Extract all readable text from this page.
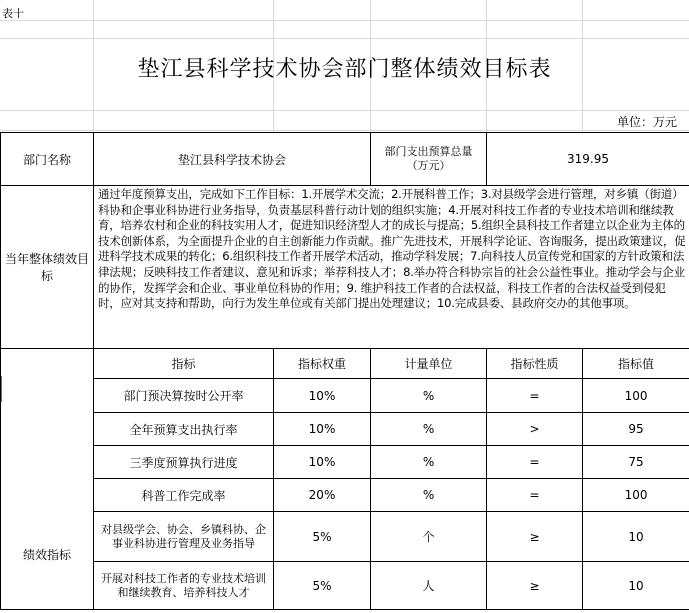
表十
垫江县科学技术协会部门整体绩效目标表
单位：万元
部门名称	垫江县科学技术协会		部门支出预算总量（万元）	319.95	
当年整体绩效目标	通过年度预算支出，完成如下工作目标：1.开展学术交流；2.开展科普工作；3.对县级学会进行管理，对乡镇（街道）科协和企事业科协进行业务指导，负责基层科普行动计划的组织实施；4.开展对科技工作者的专业技术培训和继续教育，培养农村和企业的科技实用人才，促进知识经济型人才的成长与提高；5.组织全县科技工作者建立以企业为主体的技术创新体系，为全面提升企业的自主创新能力作贡献。推广先进技术，开展科学论证、咨询服务，提出政策建议，促进科学技术成果的转化；6.组织科技工作者开展学术活动，推动学科发展；7.向科技人员宣传党和国家的方针政策和法律法规；反映科技工作者建议、意见和诉求；举荐科技人才；8.举办符合科协宗旨的社会公益性事业。推动学会与企业的协作，发挥学会和企业、事业单位科协的作用；9. 维护科技工作者的合法权益，科技工作者的合法权益受到侵犯时，应对其支持和帮助，向行为发生单位或有关部门提出处理建议；10.完成县委、县政府交办的其他事项。				
绩效指标	指标	指标权重	计量单位	指标性质	指标值
	部门预决算按时公开率	10%	%	=	100
	全年预算支出执行率	10%	%	>	95
	三季度预算执行进度	10%	%	=	75
	科普工作完成率	20%	%	=	100
	对县级学会、协会、乡镇科协、企事业科协进行管理及业务指导	5%	个	≥	10
	开展对科技工作者的专业技术培训和继续教育、培养科技人才	5%	人	≥	10
